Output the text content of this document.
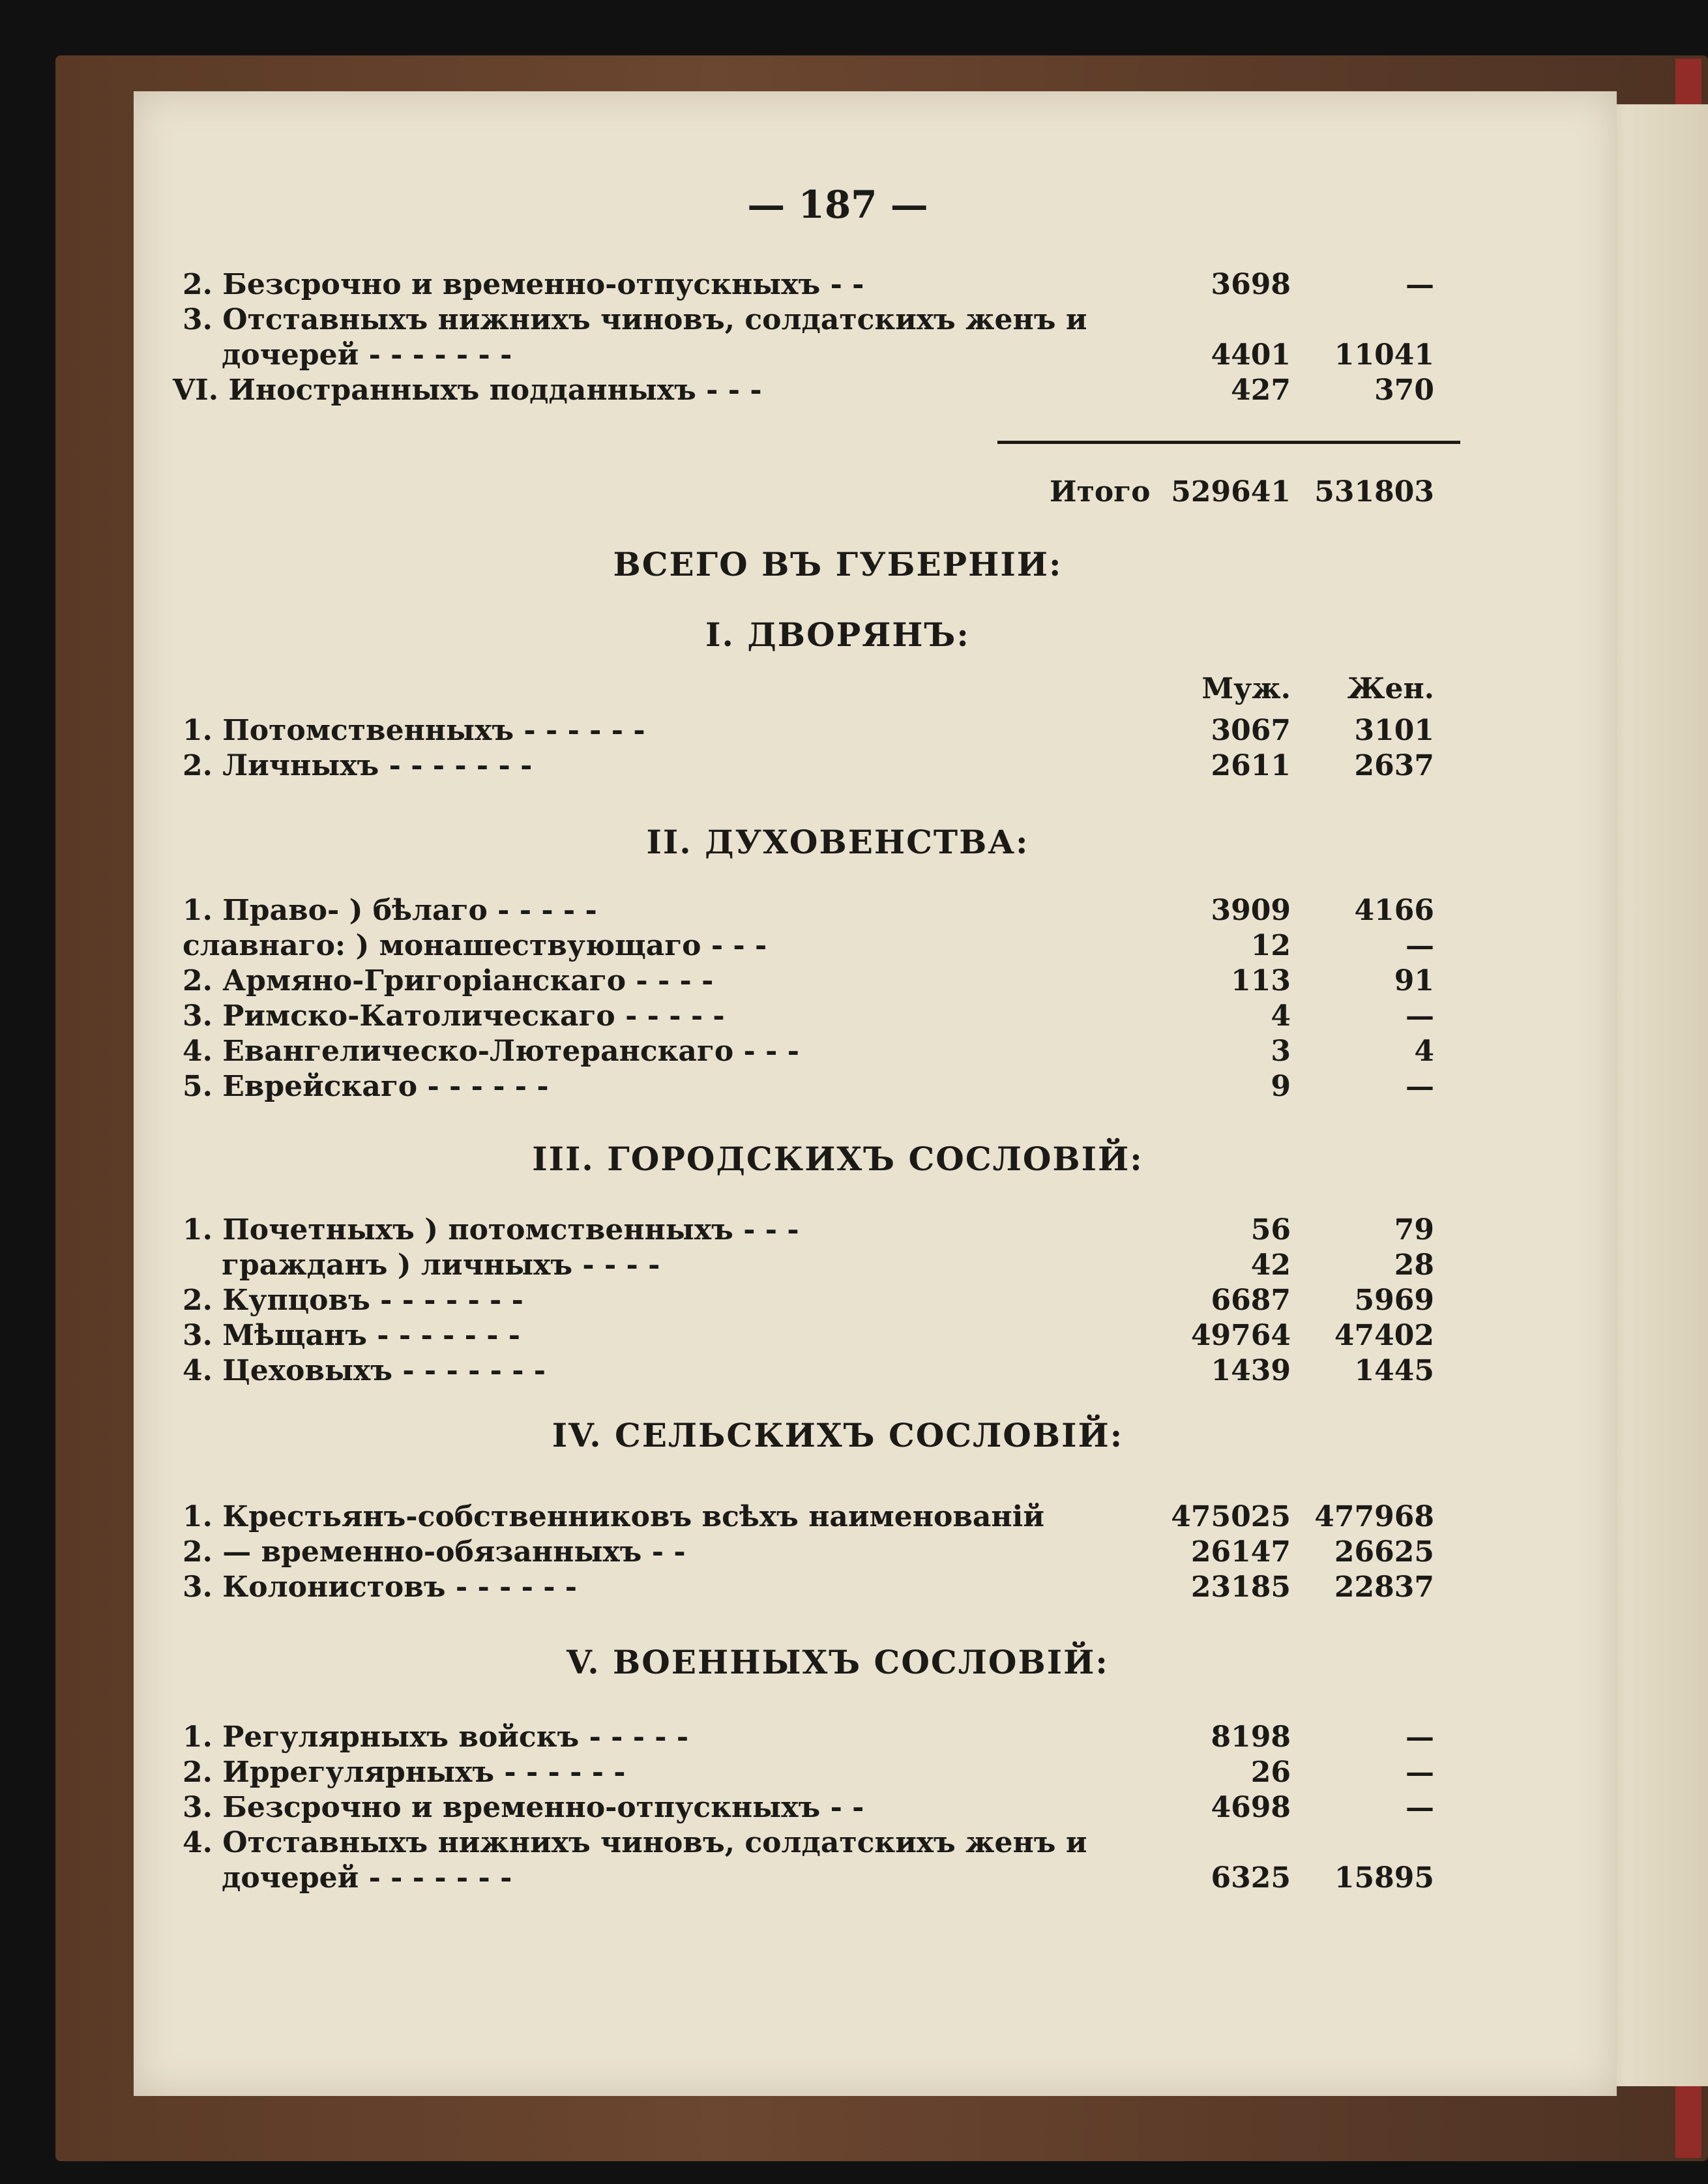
— 187 —
2. Безсрочно и временно-отпускныхъ - -	3698	—
3. Отставныхъ нижнихъ чиновъ, солдатскихъ женъ и
дочерей - - - - - - -	4401	11041
VI. Иностранныхъ подданныхъ - - -	427	370
Итого 529641 531803
ВСЕГО ВЪ ГУБЕРНІИ:
I. ДВОРЯНЪ:
Муж.	Жен.
1. Потомственныхъ - - - - - -	3067	3101
2. Личныхъ - - - - - - -	2611	2637
II. ДУХОВЕНСТВА:
1. Право- ) бѣлаго - - - - -	3909	4166
славнаго: ) монашествующаго - - -	12	—
2. Армяно-Григоріанскаго - - - -	113	91
3. Римско-Католическаго - - - - -	4	—
4. Евангелическо-Лютеранскаго - - -	3	4
5. Еврейскаго - - - - - -	9	—
III. ГОРОДСКИХЪ СОСЛОВІЙ:
1. Почетныхъ ) потомственныхъ - - -	56	79
гражданъ ) личныхъ - - - -	42	28
2. Купцовъ - - - - - - -	6687	5969
3. Мѣщанъ - - - - - - -	49764	47402
4. Цеховыхъ - - - - - - -	1439	1445
IV. СЕЛЬСКИХЪ СОСЛОВІЙ:
1. Крестьянъ-собственниковъ всѣхъ наименованій	475025 477968
2. — временно-обязанныхъ - -	26147	26625
3. Колонистовъ - - - - - -	23185	22837
V. ВОЕННЫХЪ СОСЛОВІЙ:
1. Регулярныхъ войскъ - - - - -	8198	—
2. Иррегулярныхъ - - - - - -	26	—
3. Безсрочно и временно-отпускныхъ - -	4698	—
4. Отставныхъ нижнихъ чиновъ, солдатскихъ женъ и
дочерей - - - - - - -	6325	15895
